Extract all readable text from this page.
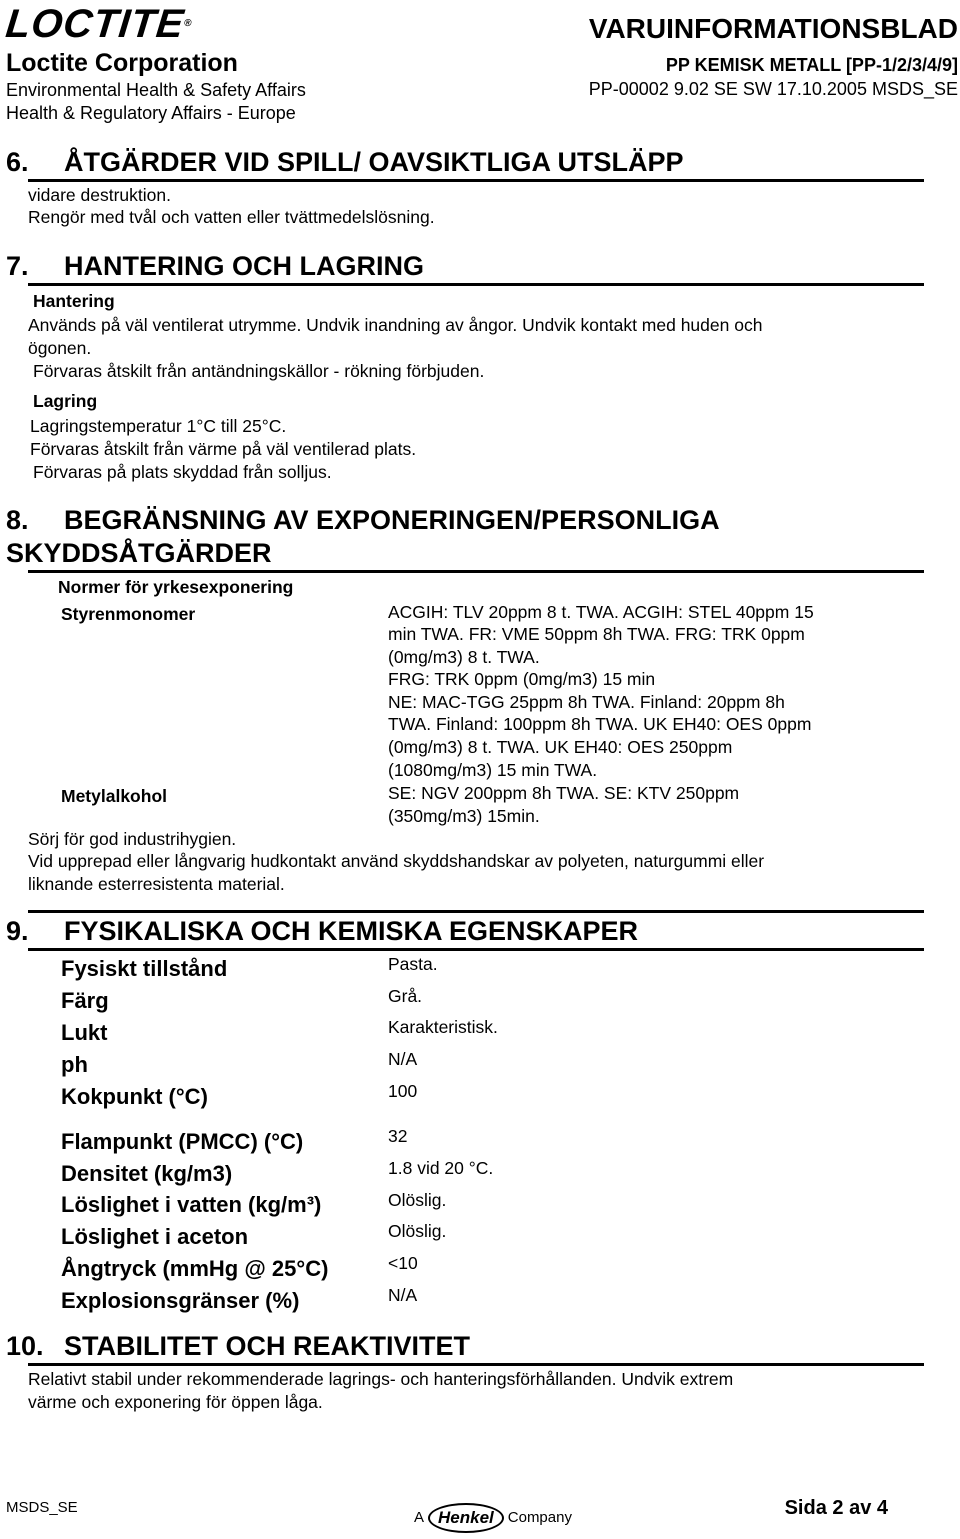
LOCTITE®
Loctite Corporation
Environmental Health & Safety Affairs
Health & Regulatory Affairs - Europe
VARUINFORMATIONSBLAD
PP KEMISK METALL [PP-1/2/3/4/9]
PP-00002 9.02 SE SW 17.10.2005 MSDS_SE
6. ÅTGÄRDER VID SPILL/ OAVSIKTLIGA UTSLÄPP
vidare destruktion.
Rengör med tvål och vatten eller tvättmedelslösning.
7. HANTERING OCH LAGRING
Hantering
Används på väl ventilerat utrymme. Undvik inandning av ångor. Undvik kontakt med huden och
ögonen.
Förvaras åtskilt från antändningskällor - rökning förbjuden.
Lagring
Lagringstemperatur 1°C till 25°C.
Förvaras åtskilt från värme på väl ventilerad plats.
Förvaras på plats skyddad från solljus.
8. BEGRÄNSNING AV EXPONERINGEN/PERSONLIGA
SKYDDSÅTGÄRDER
Normer för yrkesexponering
Styrenmonomer	ACGIH: TLV 20ppm 8 t. TWA. ACGIH: STEL 40ppm 15
min TWA. FR: VME 50ppm 8h TWA. FRG: TRK 0ppm
(0mg/m3) 8 t. TWA.
FRG: TRK 0ppm (0mg/m3) 15 min
NE: MAC-TGG 25ppm 8h TWA. Finland: 20ppm 8h
TWA. Finland: 100ppm 8h TWA. UK EH40: OES 0ppm
(0mg/m3) 8 t. TWA. UK EH40: OES 250ppm
(1080mg/m3) 15 min TWA.
Metylalkohol	SE: NGV 200ppm 8h TWA. SE: KTV 250ppm
(350mg/m3) 15min.
Sörj för god industrihygien.
Vid upprepad eller långvarig hudkontakt använd skyddshandskar av polyeten, naturgummi eller
liknande esterresistenta material.
9. FYSIKALISKA OCH KEMISKA EGENSKAPER
Fysiskt tillstånd	Pasta.
Färg	Grå.
Lukt	Karakteristisk.
ph	N/A
Kokpunkt (°C)	100
Flampunkt (PMCC) (°C)	32
Densitet (kg/m3)	1.8 vid 20 °C.
Löslighet i vatten (kg/m³)	Olöslig.
Löslighet i aceton	Olöslig.
Ångtryck (mmHg @ 25°C)	<10
Explosionsgränser (%)	N/A
10. STABILITET OCH REAKTIVITET
Relativt stabil under rekommenderade lagrings- och hanteringsförhållanden. Undvik extrem
värme och exponering för öppen låga.
MSDS_SE
A Henkel Company	Sida 2 av 4
